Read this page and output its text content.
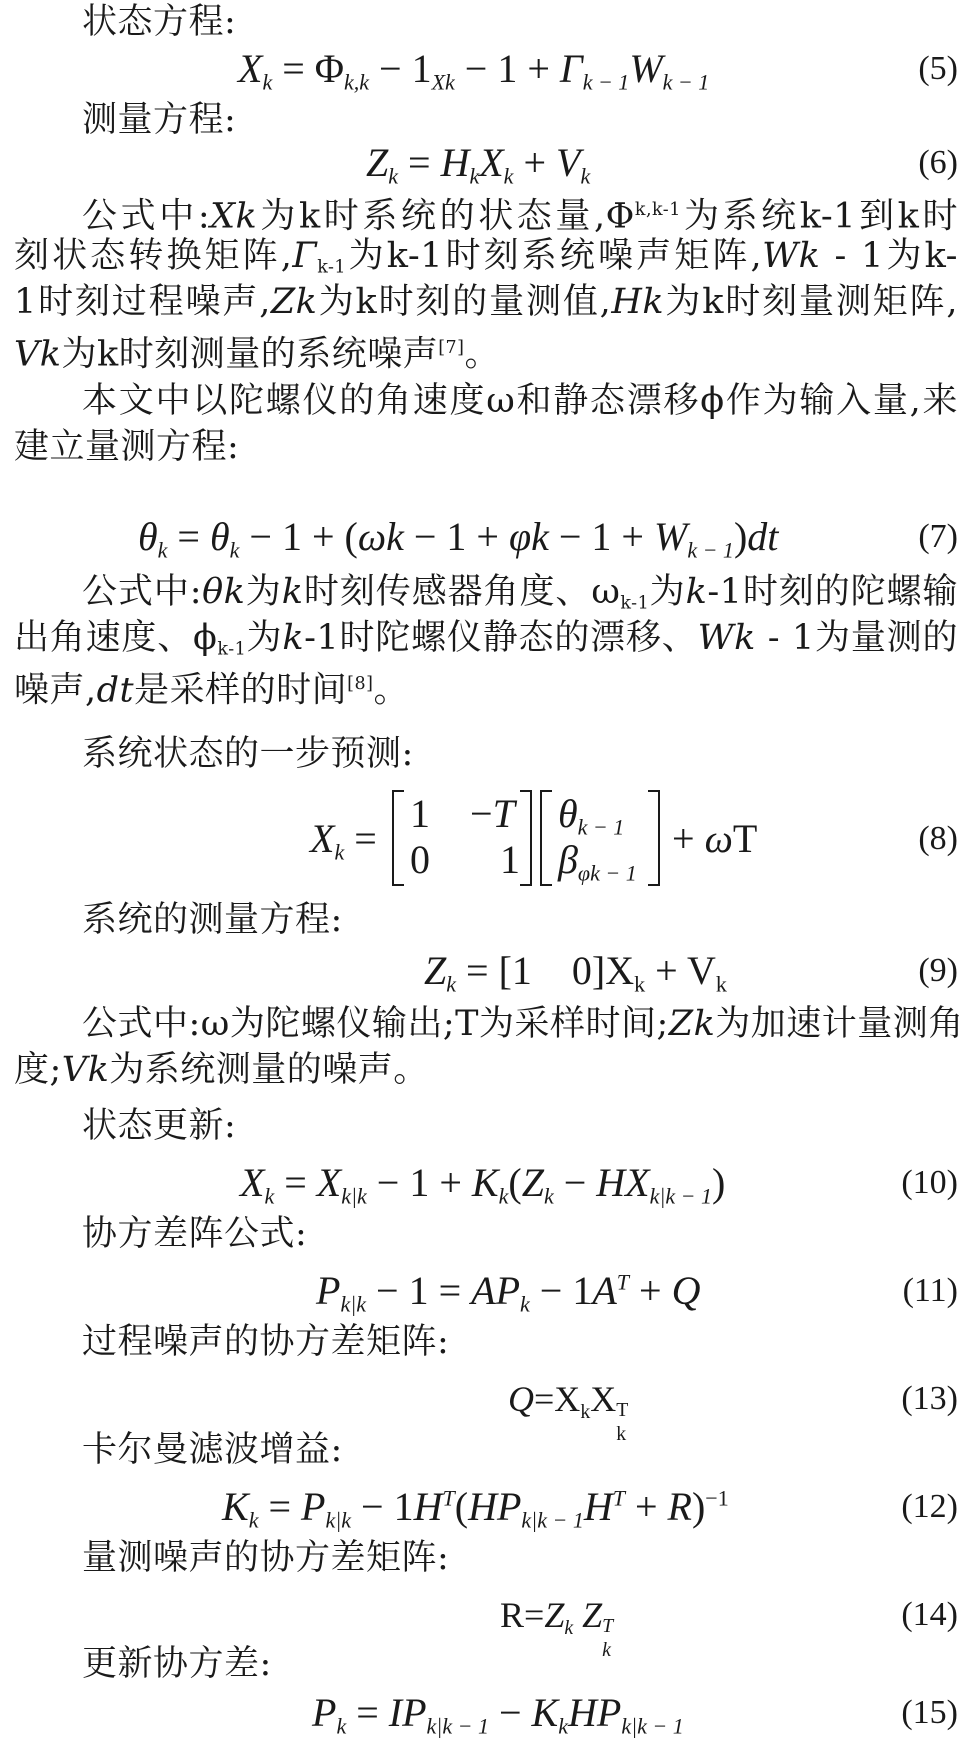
状态方程:
$X_k = \Phi_{k,k} - 1_{Xk} - 1 + \Gamma_{k - 1}W_{k - 1}$	(5)
测量方程:
$Z_k = H_kX_k + V_k$	(6)
公式中:Xk为k时系统的状态量,Φ$^{k,k-1}$为系统k-1到k时
刻状态转换矩阵,Γk-1为k-1时刻系统噪声矩阵,Wk - 1为k-
1时刻过程噪声,Zk为k时刻的量测值,Hk为k时刻量测矩阵,
Vk为k时刻测量的系统噪声[7]。
本文中以陀螺仪的角速度ω和静态漂移ϕ作为输入量,来
建立量测方程:
$\theta_k = \theta_k - 1 + (\omega k - 1 + \varphi k - 1 + W_{k - 1})dt$	(7)
公式中:θk为k时刻传感器角度、ωk-1为k-1时刻的陀螺输
出角速度、ϕk-1为k-1时陀螺仪静态的漂移、Wk - 1为量测的
噪声,dt是采样的时间[8]。
系统状态的一步预测:
$X_k$ =
1    −T
0       1
$\theta_{k - 1}$
$\beta_{\varphi k - 1}$
+ ωT	(8)
系统的测量方程:
$Z_k = [1$    $0]X_k + V_k$	(9)
公式中:ω为陀螺仪输出;T为采样时间;Zk为加速计量测角
度;Vk为系统测量的噪声。
状态更新:
$X_k = X_{k|k} - 1 + K_k(Z_k - HX_{k|k - 1})$	(10)
协方差阵公式:
$P_{k|k} - 1 = AP_k - 1A^T + Q$	(11)
过程噪声的协方差矩阵:
$Q=X_kX$ T
k
(13)
卡尔曼滤波增益:
$K_k = P_{k|k} - 1H^T(HP_{k|k - 1}H^T + R)^{-1}$	(12)
量测噪声的协方差矩阵:
$R=Z_k$ Z T
k
(14)
更新协方差:
$P_k = IP_{k|k - 1} - K_kHP_{k|k - 1}$	(15)
